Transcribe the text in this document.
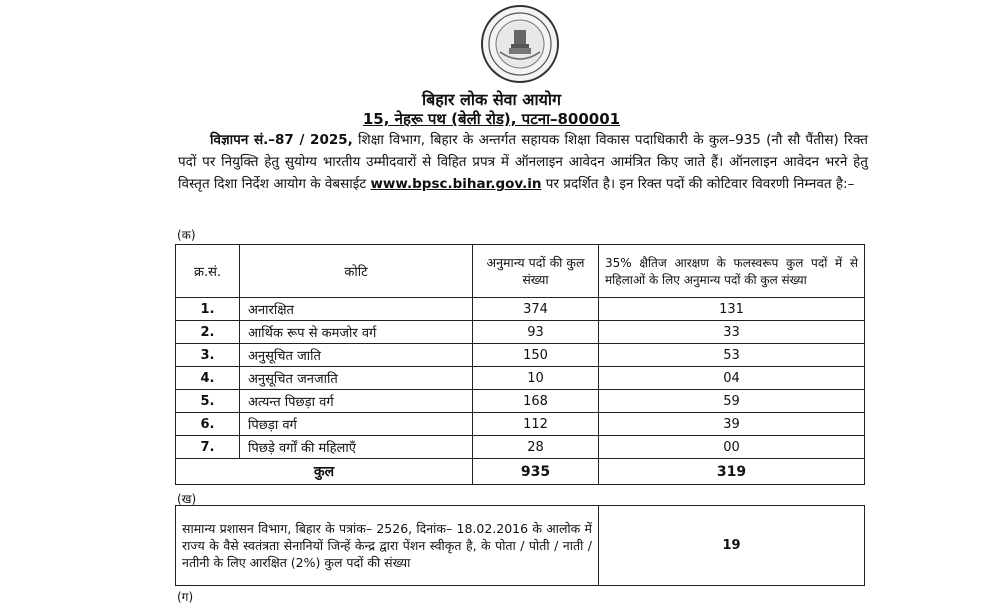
बिहार लोक सेवा आयोग
15, नेहरू पथ (बेली रोड), पटना–800001
विज्ञापन सं.–87 / 2025, शिक्षा विभाग, बिहार के अन्तर्गत सहायक शिक्षा विकास पदाधिकारी के कुल–935 (नौ सौ पैंतीस) रिक्त पदों पर नियुक्ति हेतु सुयोग्य भारतीय उम्मीदवारों से विहित प्रपत्र में ऑनलाइन आवेदन आमंत्रित किए जाते हैं। ऑनलाइन आवेदन भरने हेतु विस्तृत दिशा निर्देश आयोग के वेबसाईट www.bpsc.bihar.gov.in पर प्रदर्शित है। इन रिक्त पदों की कोटिवार विवरणी निम्नवत है:–
(क)
क्र.सं.	कोटि	अनुमान्य पदों की कुल संख्या	35% क्षैतिज आरक्षण के फलस्वरूप कुल पदों में से महिलाओं के लिए अनुमान्य पदों की कुल संख्या
1.	अनारक्षित	374	131
2.	आर्थिक रूप से कमजोर वर्ग	93	33
3.	अनुसूचित जाति	150	53
4.	अनुसूचित जनजाति	10	04
5.	अत्यन्त पिछड़ा वर्ग	168	59
6.	पिछड़ा वर्ग	112	39
7.	पिछड़े वर्गों की महिलाएँ	28	00
कुल		935	319
(ख)
सामान्य प्रशासन विभाग, बिहार के पत्रांक– 2526, दिनांक– 18.02.2016 के आलोक में राज्य के वैसे स्वतंत्रता सेनानियों जिन्हें केन्द्र द्वारा पेंशन स्वीकृत है, के पोता / पोती / नाती / नतीनी के लिए आरक्षित (2%) कुल पदों की संख्या	19
(ग)
